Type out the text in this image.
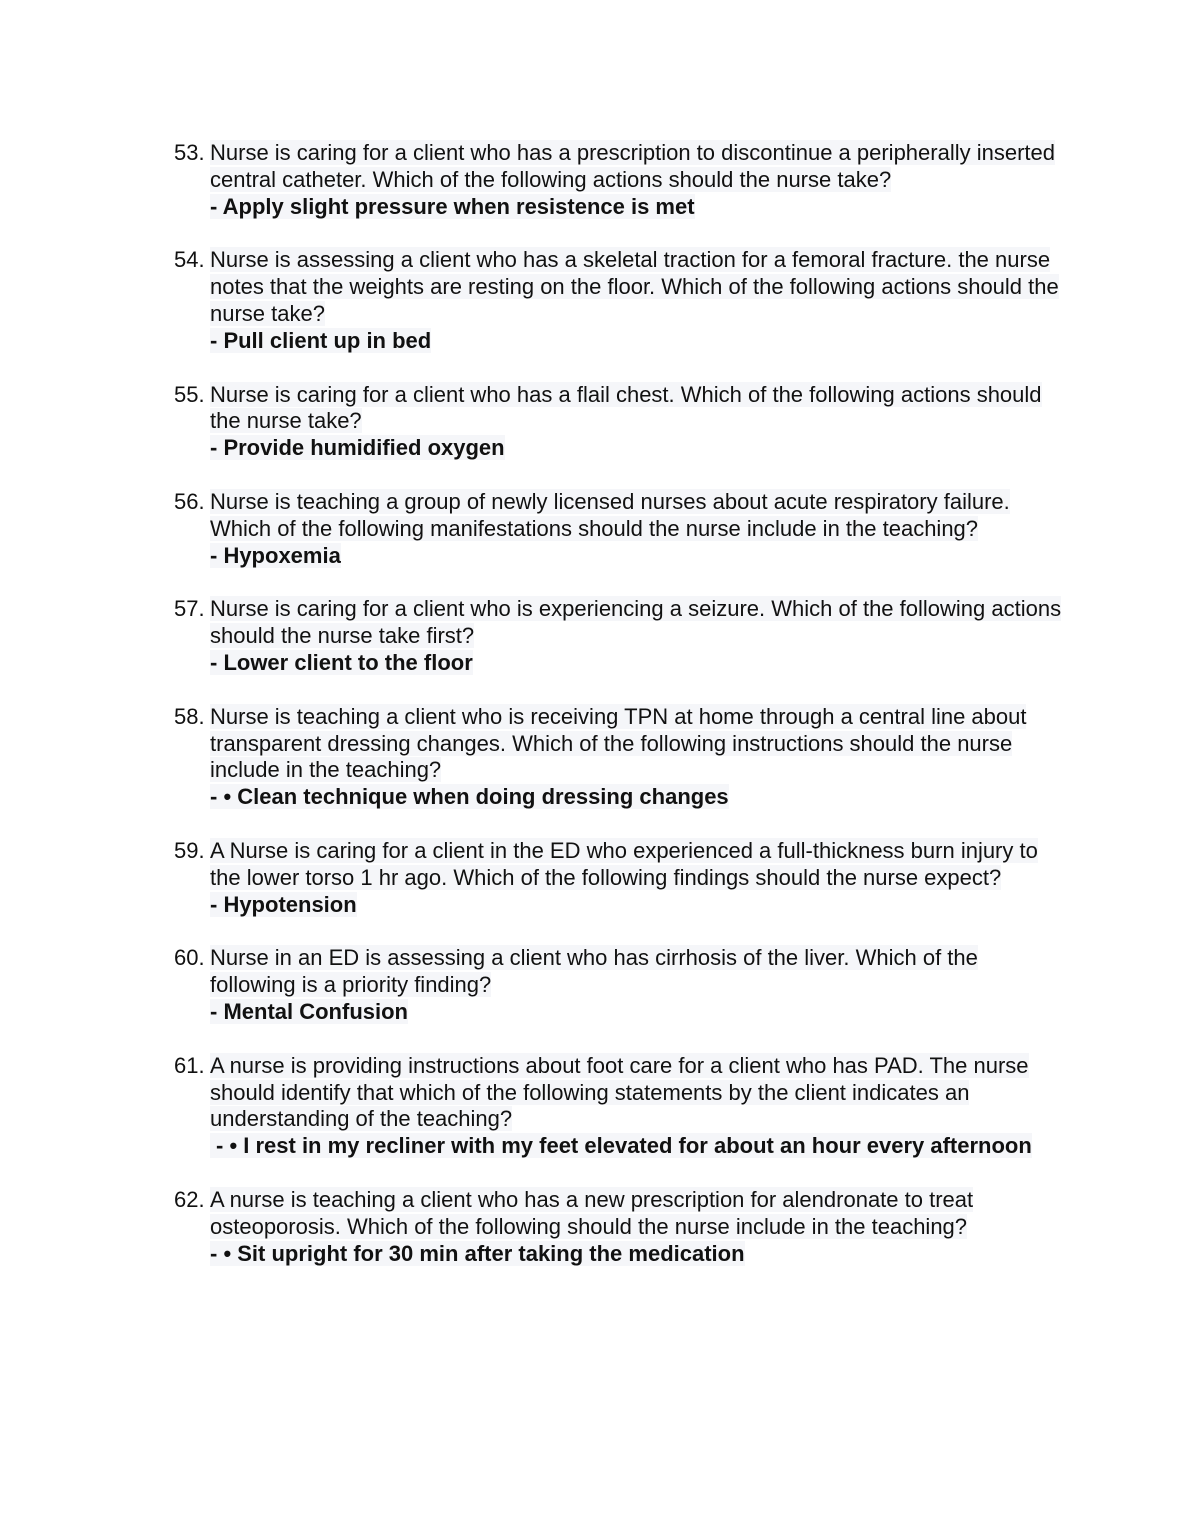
53. Nurse is caring for a client who has a prescription to discontinue a peripherally inserted central catheter. Which of the following actions should the nurse take?
- Apply slight pressure when resistence is met
54. Nurse is assessing a client who has a skeletal traction for a femoral fracture. the nurse notes that the weights are resting on the floor. Which of the following actions should the nurse take?
- Pull client up in bed
55. Nurse is caring for a client who has a flail chest. Which of the following actions should the nurse take?
- Provide humidified oxygen
56. Nurse is teaching a group of newly licensed nurses about acute respiratory failure. Which of the following manifestations should the nurse include in the teaching?
- Hypoxemia
57. Nurse is caring for a client who is experiencing a seizure. Which of the following actions should the nurse take first?
- Lower client to the floor
58. Nurse is teaching a client who is receiving TPN at home through a central line about transparent dressing changes. Which of the following instructions should the nurse include in the teaching?
- • Clean technique when doing dressing changes
59. A Nurse is caring for a client in the ED who experienced a full-thickness burn injury to the lower torso 1 hr ago. Which of the following findings should the nurse expect?
- Hypotension
60. Nurse in an ED is assessing a client who has cirrhosis of the liver. Which of the following is a priority finding?
- Mental Confusion
61. A nurse is providing instructions about foot care for a client who has PAD. The nurse should identify that which of the following statements by the client indicates an understanding of the teaching?
- • I rest in my recliner with my feet elevated for about an hour every afternoon
62. A nurse is teaching a client who has a new prescription for alendronate to treat osteoporosis. Which of the following should the nurse include in the teaching?
- • Sit upright for 30 min after taking the medication
